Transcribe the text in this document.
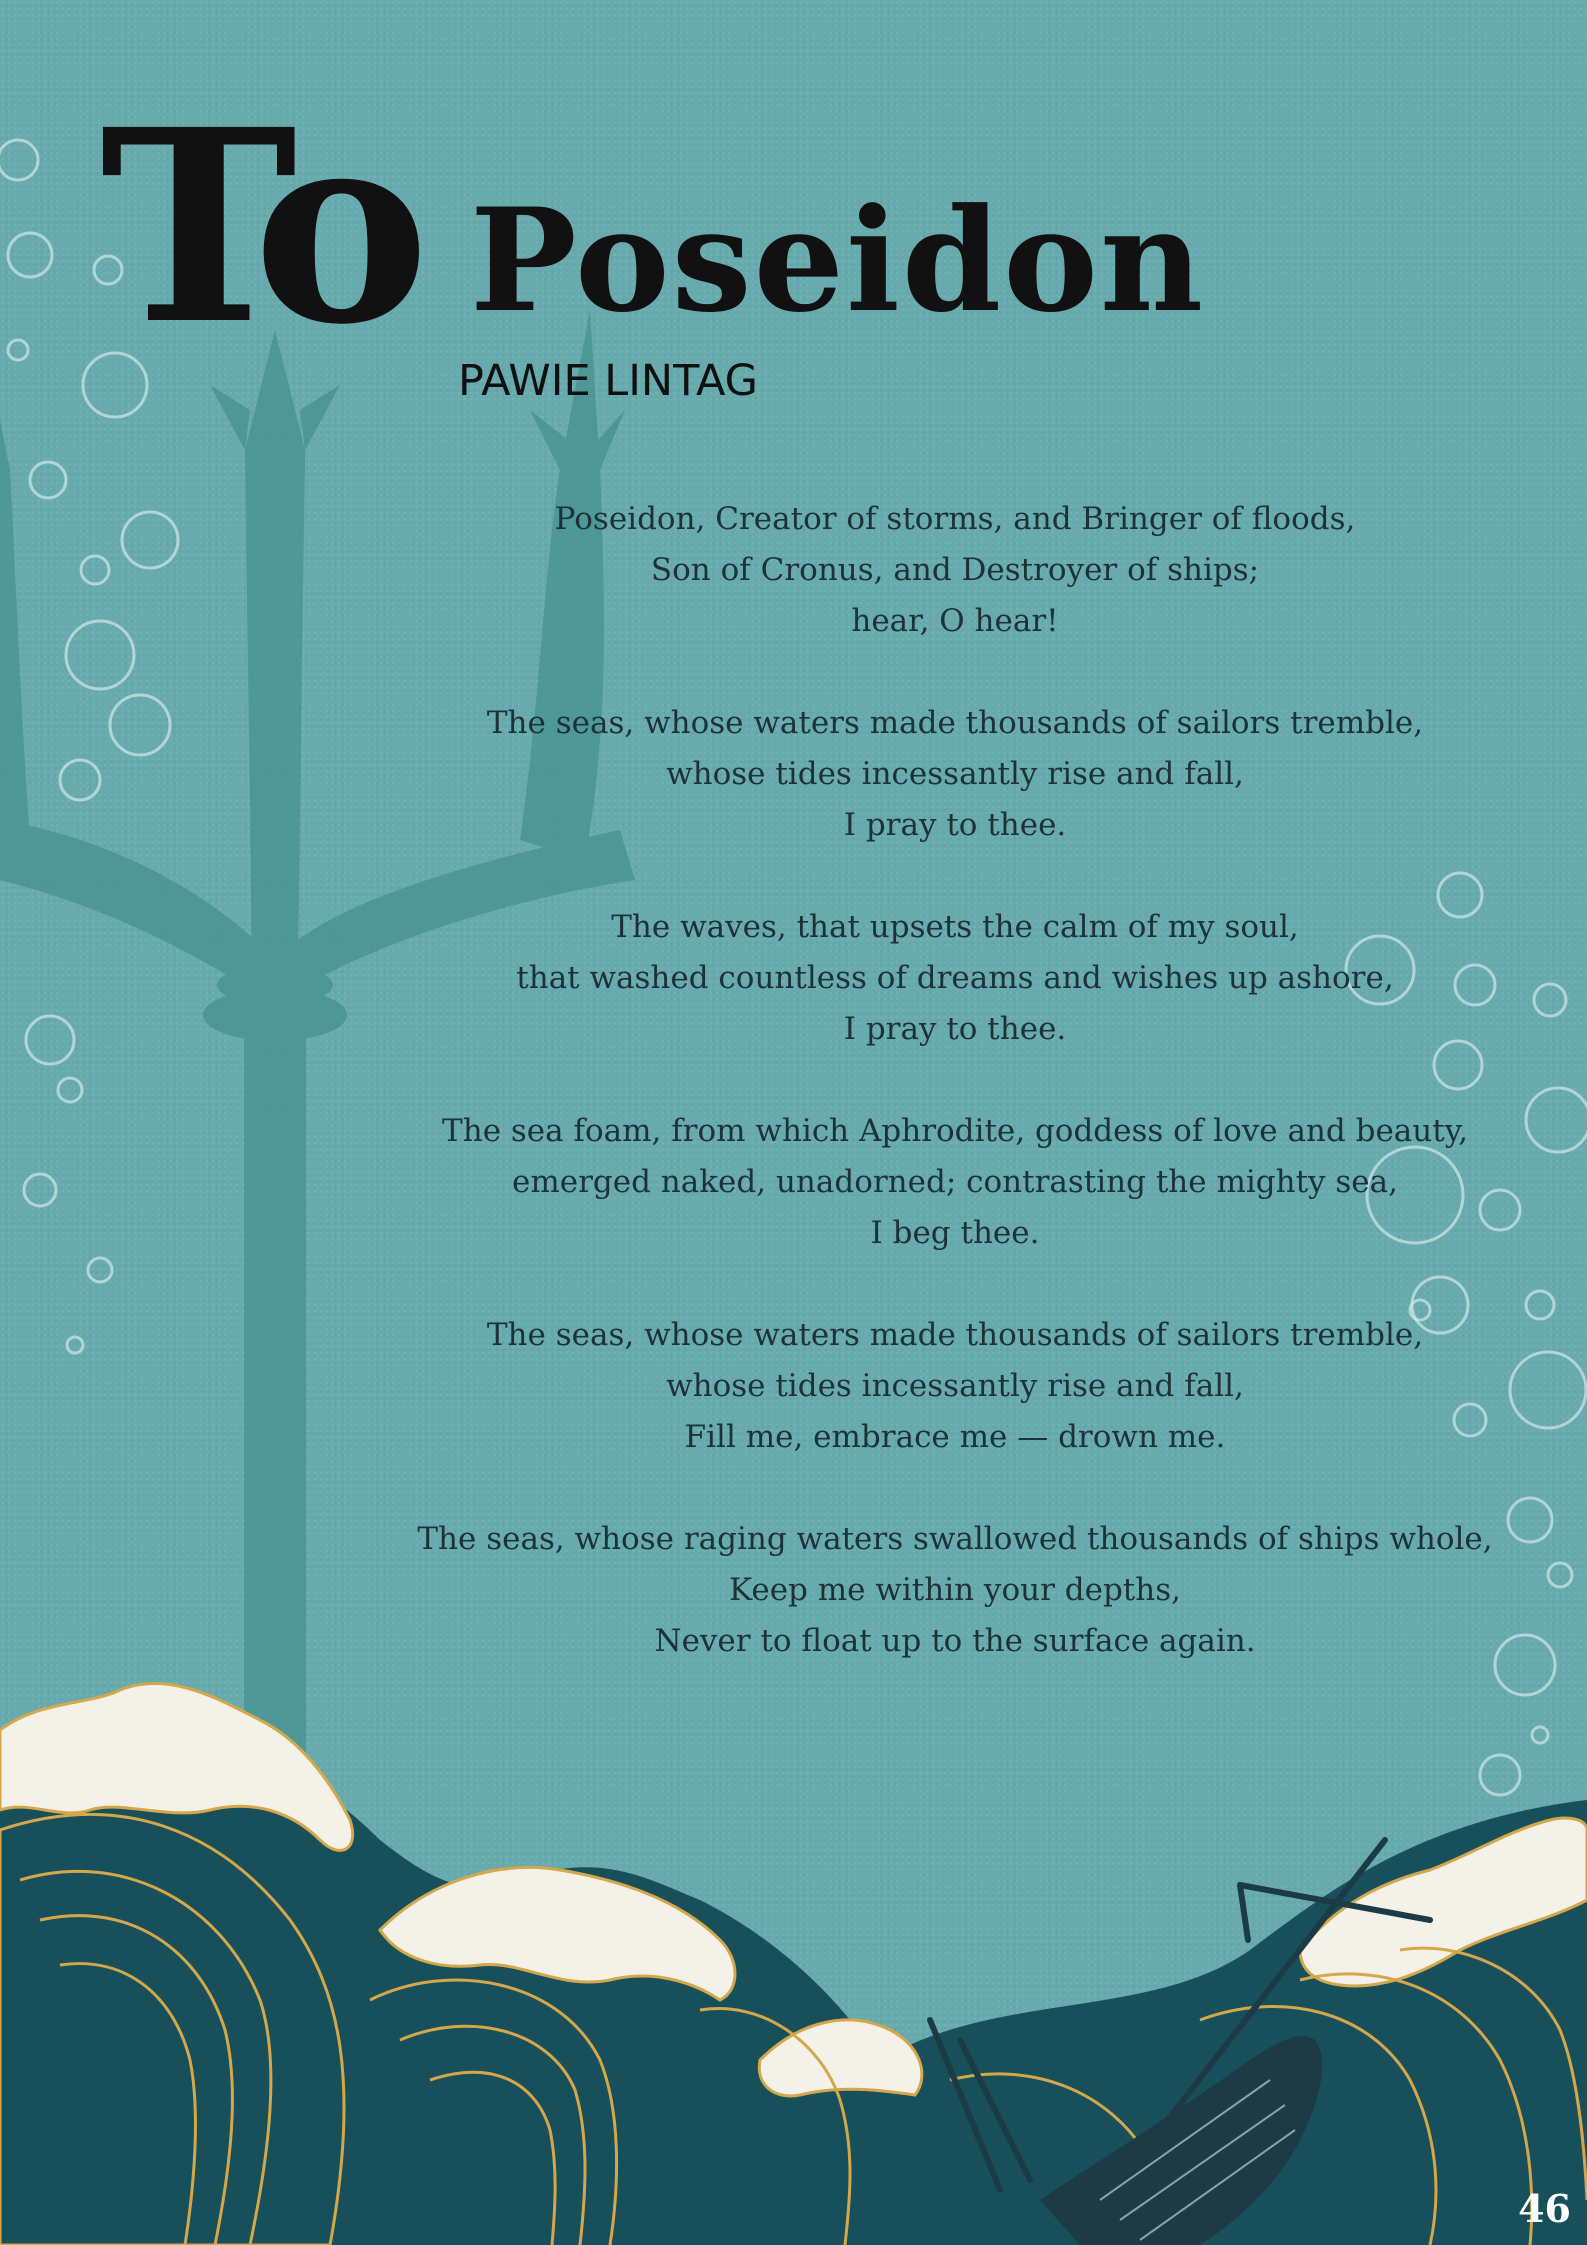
To Poseidon
PAWIE LINTAG
Poseidon, Creator of storms, and Bringer of floods,
Son of Cronus, and Destroyer of ships;
hear, O hear!
The seas, whose waters made thousands of sailors tremble,
whose tides incessantly rise and fall,
I pray to thee.
The waves, that upsets the calm of my soul,
that washed countless of dreams and wishes up ashore,
I pray to thee.
The sea foam, from which Aphrodite, goddess of love and beauty,
emerged naked, unadorned; contrasting the mighty sea,
I beg thee.
The seas, whose waters made thousands of sailors tremble,
whose tides incessantly rise and fall,
Fill me, embrace me — drown me.
The seas, whose raging waters swallowed thousands of ships whole,
Keep me within your depths,
Never to float up to the surface again.
46
